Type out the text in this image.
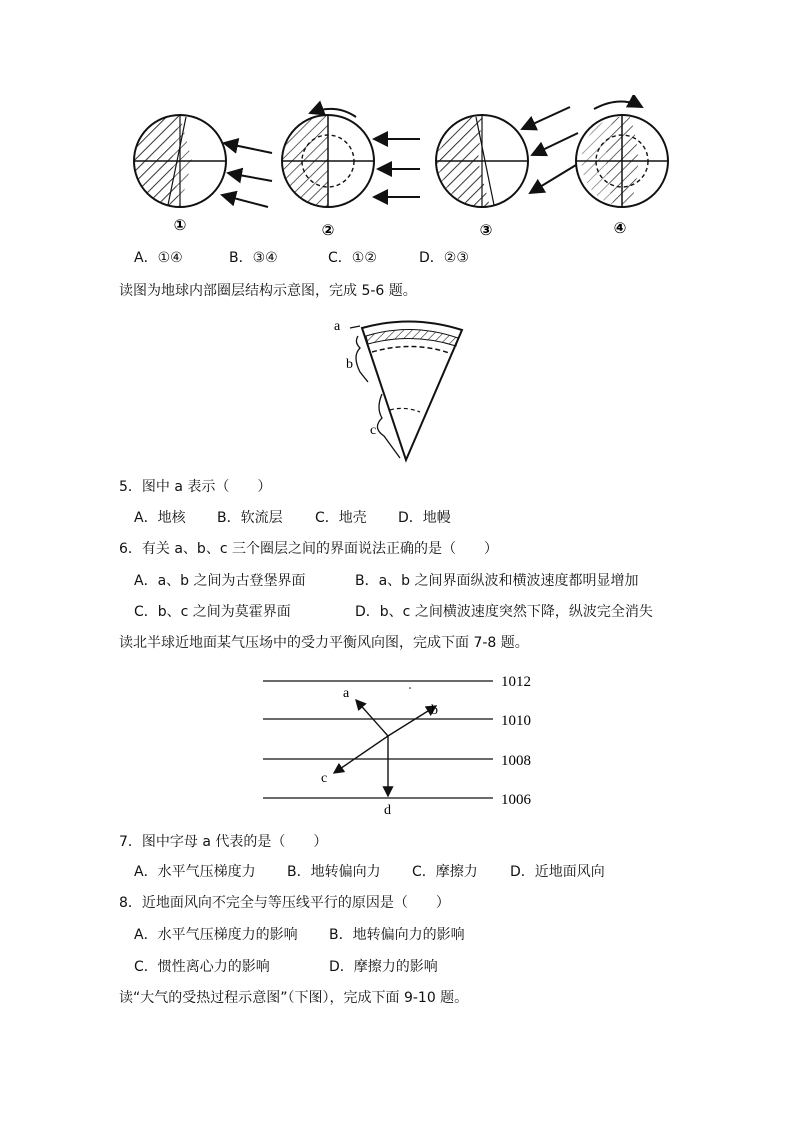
①	②	③	④
A．①④	B．③④	C．①②	D．②③
读图为地球内部圈层结构示意图，完成 5-6 题。
a
b
c
5．图中 a 表示（　　）
A．地核 B．软流层 C．地壳 D．地幔
6．有关 a、b、c 三个圈层之间的界面说法正确的是（　　）
A．a、b 之间为古登堡界面	B．a、b 之间界面纵波和横波速度都明显增加
C．b、c 之间为莫霍界面	D．b、c 之间横波速度突然下降，纵波完全消失
读北半球近地面某气压场中的受力平衡风向图，完成下面 7-8 题。
1012
1010
1008
1006
a
b
c
d
7．图中字母 a 代表的是（　　）
A．水平气压梯度力 B．地转偏向力 C．摩擦力 D．近地面风向
8．近地面风向不完全与等压线平行的原因是（　　）
A．水平气压梯度力的影响 B．地转偏向力的影响
C．惯性离心力的影响	D．摩擦力的影响
读“大气的受热过程示意图”（下图），完成下面 9-10 题。
